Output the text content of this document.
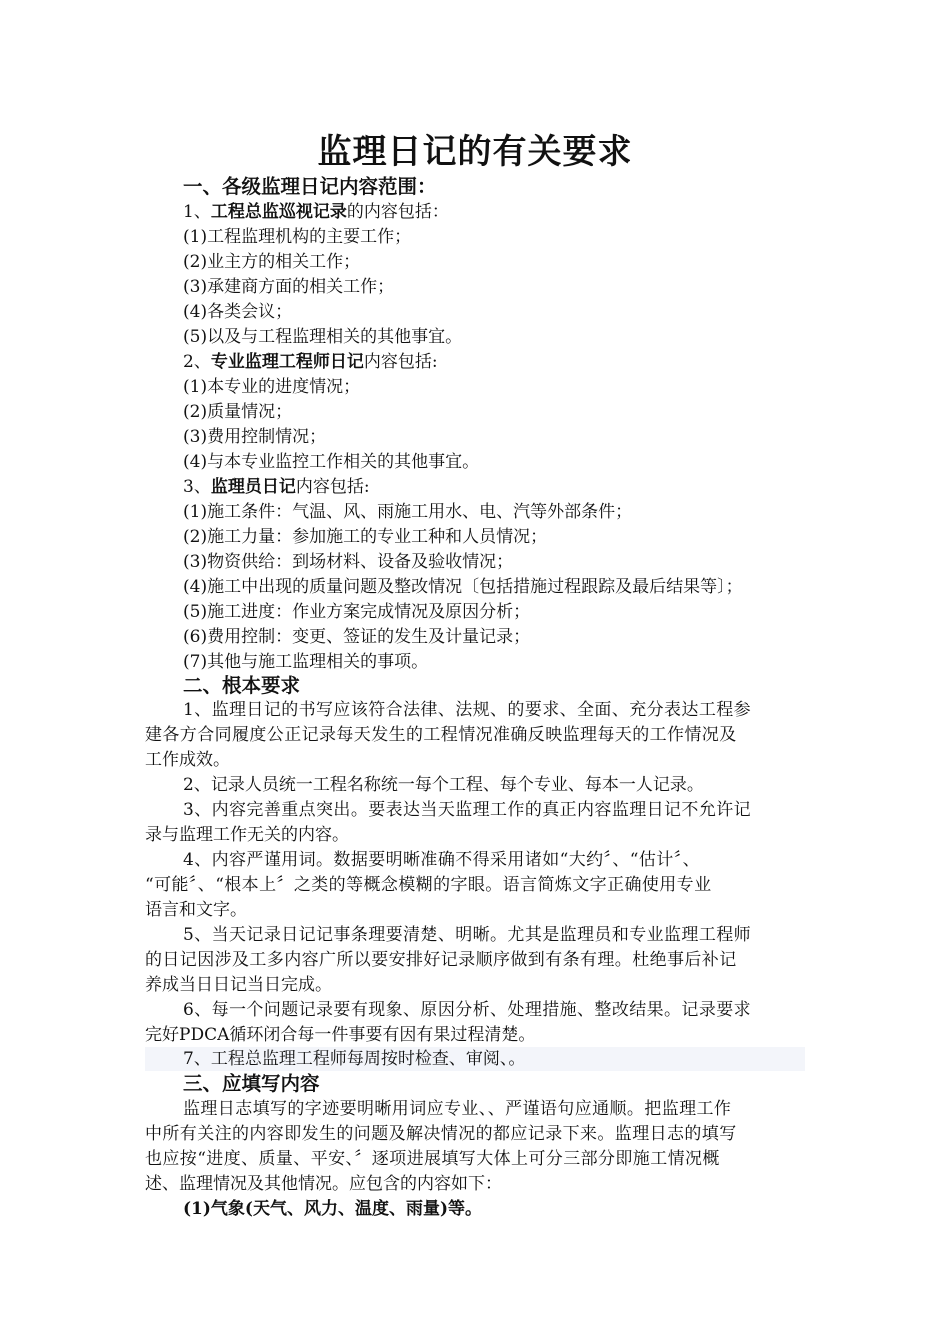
监理日记的有关要求
一、各级监理日记内容范围：
1、工程总监巡视记录的内容包括：
(1)工程监理机构的主要工作；
(2)业主方的相关工作；
(3)承建商方面的相关工作；
(4)各类会议；
(5)以及与工程监理相关的其他事宜。
2、专业监理工程师日记内容包括:
(1)本专业的进度情况；
(2)质量情况；
(3)费用控制情况；
(4)与本专业监控工作相关的其他事宜。
3、监理员日记内容包括:
(1)施工条件：气温、风、雨施工用水、电、汽等外部条件；
(2)施工力量：参加施工的专业工种和人员情况；
(3)物资供给：到场材料、设备及验收情况；
(4)施工中出现的质量问题及整改情况〔包括措施过程跟踪及最后结果等〕；
(5)施工进度：作业方案完成情况及原因分析；
(6)费用控制：变更、签证的发生及计量记录；
(7)其他与施工监理相关的事项。
二、根本要求
1、监理日记的书写应该符合法律、法规、的要求、全面、充分表达工程参
建各方合同履度公正记录每天发生的工程情况准确反映监理每天的工作情况及
工作成效。
2、记录人员统一工程名称统一每个工程、每个专业、每本一人记录。
3、内容完善重点突出。要表达当天监理工作的真正内容监理日记不允许记
录与监理工作无关的内容。
4、内容严谨用词。数据要明晰准确不得采用诸如“大约〞、“估计〞、
“可能〞、“根本上〞之类的等概念模糊的字眼。语言简炼文字正确使用专业
语言和文字。
5、当天记录日记记事条理要清楚、明晰。尤其是监理员和专业监理工程师
的日记因涉及工多内容广所以要安排好记录顺序做到有条有理。杜绝事后补记
养成当日日记当日完成。
6、每一个问题记录要有现象、原因分析、处理措施、整改结果。记录要求
完好PDCA循环闭合每一件事要有因有果过程清楚。
7、工程总监理工程师每周按时检查、审阅、。
三、应填写内容
监理日志填写的字迹要明晰用词应专业、、严谨语句应通顺。把监理工作
中所有关注的内容即发生的问题及解决情况的都应记录下来。监理日志的填写
也应按“进度、质量、平安、〞逐项进展填写大体上可分三部分即施工情况概
述、监理情况及其他情况。应包含的内容如下：
(1)气象(天气、风力、温度、雨量)等。
